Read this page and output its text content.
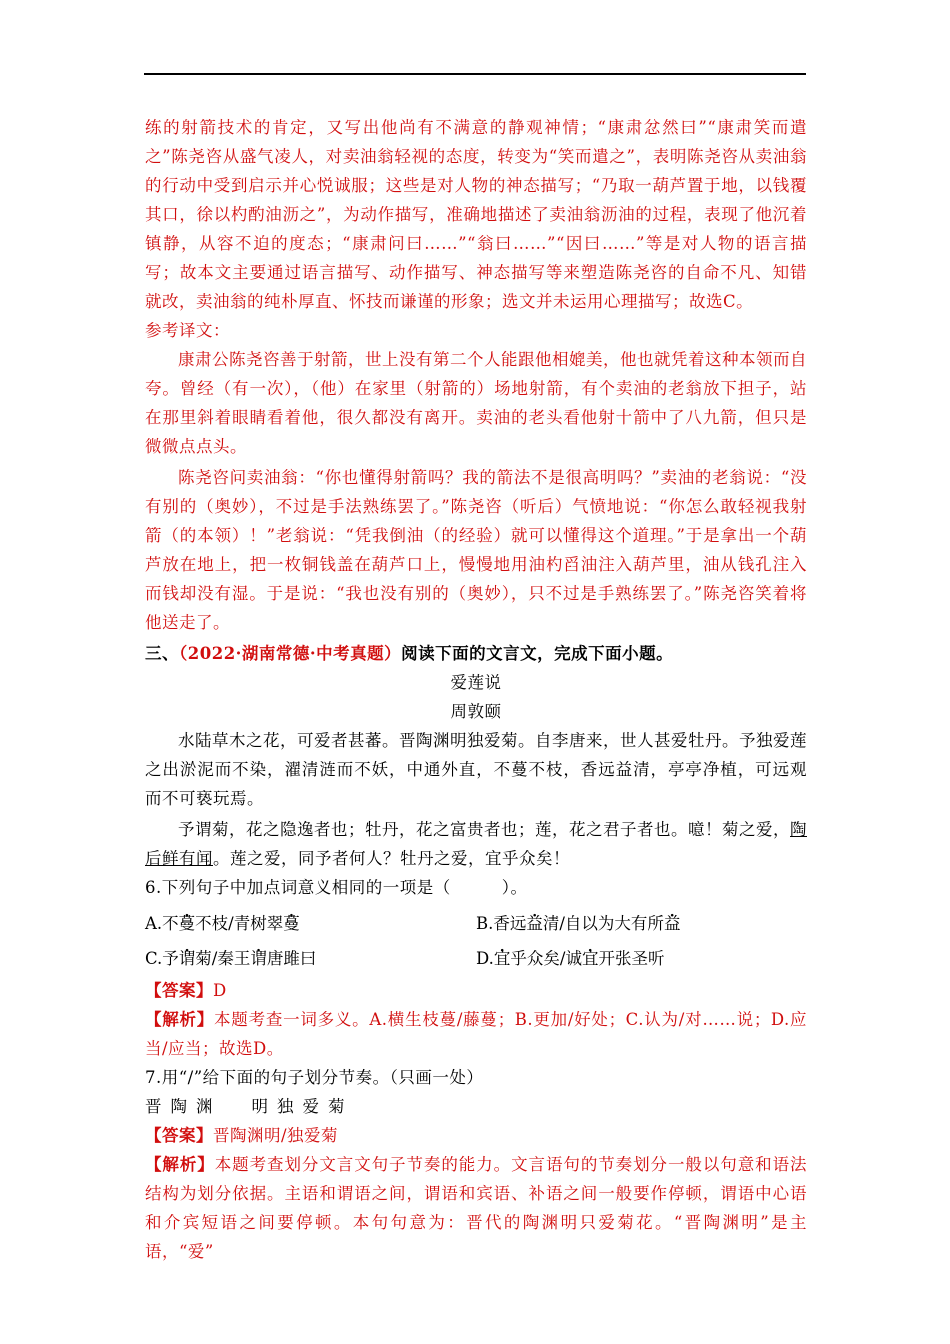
练的射箭技术的肯定，又写出他尚有不满意的静观神情；“康肃忿然曰”“康肃笑而遣之”陈尧咨从盛气凌人，对卖油翁轻视的态度，转变为“笑而遣之”，表明陈尧咨从卖油翁的行动中受到启示并心悦诚服；这些是对人物的神态描写；“乃取一葫芦置于地，以钱覆其口，徐以杓酌油沥之”，为动作描写，准确地描述了卖油翁沥油的过程，表现了他沉着镇静，从容不迫的度态；“康肃问曰……”“翁曰……”“因曰……”等是对人物的语言描写；故本文主要通过语言描写、动作描写、神态描写等来塑造陈尧咨的自命不凡、知错就改，卖油翁的纯朴厚直、怀技而谦谨的形象；选文并未运用心理描写；故选C。

参考译文：

康肃公陈尧咨善于射箭，世上没有第二个人能跟他相媲美，他也就凭着这种本领而自夸。曾经（有一次），（他）在家里（射箭的）场地射箭，有个卖油的老翁放下担子，站在那里斜着眼睛看着他，很久都没有离开。卖油的老头看他射十箭中了八九箭，但只是微微点点头。

陈尧咨问卖油翁：“你也懂得射箭吗？我的箭法不是很高明吗？”卖油的老翁说：“没有别的（奥妙），不过是手法熟练罢了。”陈尧咨（听后）气愤地说：“你怎么敢轻视我射箭（的本领）！”老翁说：“凭我倒油（的经验）就可以懂得这个道理。”于是拿出一个葫芦放在地上，把一枚铜钱盖在葫芦口上，慢慢地用油杓舀油注入葫芦里，油从钱孔注入而钱却没有湿。于是说：“我也没有别的（奥妙），只不过是手熟练罢了。”陈尧咨笑着将他送走了。

三、（2022·湖南常德·中考真题）阅读下面的文言文，完成下面小题。

爱莲说

周敦颐

水陆草木之花，可爱者甚蕃。晋陶渊明独爱菊。自李唐来，世人甚爱牡丹。予独爱莲之出淤泥而不染，濯清涟而不妖，中通外直，不蔓不枝，香远益清，亭亭净植，可远观而不可亵玩焉。

予谓菊，花之隐逸者也；牡丹，花之富贵者也；莲，花之君子者也。噫！菊之爱，陶后鲜有闻。莲之爱，同予者何人？牡丹之爱，宜乎众矣！

6.下列句子中加点词意义相同的一项是（　　　）。

A.不蔓不枝/青树翠蔓	B.香远益清/自以为大有所益
C.予谓菊/秦王谓唐雎曰	D.宜乎众矣/诚宜开张圣听

【答案】D

【解析】本题考查一词多义。A.横生枝蔓/藤蔓；B.更加/好处；C.认为/对……说；D.应当/应当；故选D。

7.用“/”给下面的句子划分节奏。（只画一处）

晋陶渊 明独爱菊

【答案】晋陶渊明/独爱菊

【解析】本题考查划分文言文句子节奏的能力。文言语句的节奏划分一般以句意和语法结构为划分依据。主语和谓语之间，谓语和宾语、补语之间一般要作停顿，谓语中心语和介宾短语之间要停顿。本句句意为：晋代的陶渊明只爱菊花。“晋陶渊明”是主语，“爱”
